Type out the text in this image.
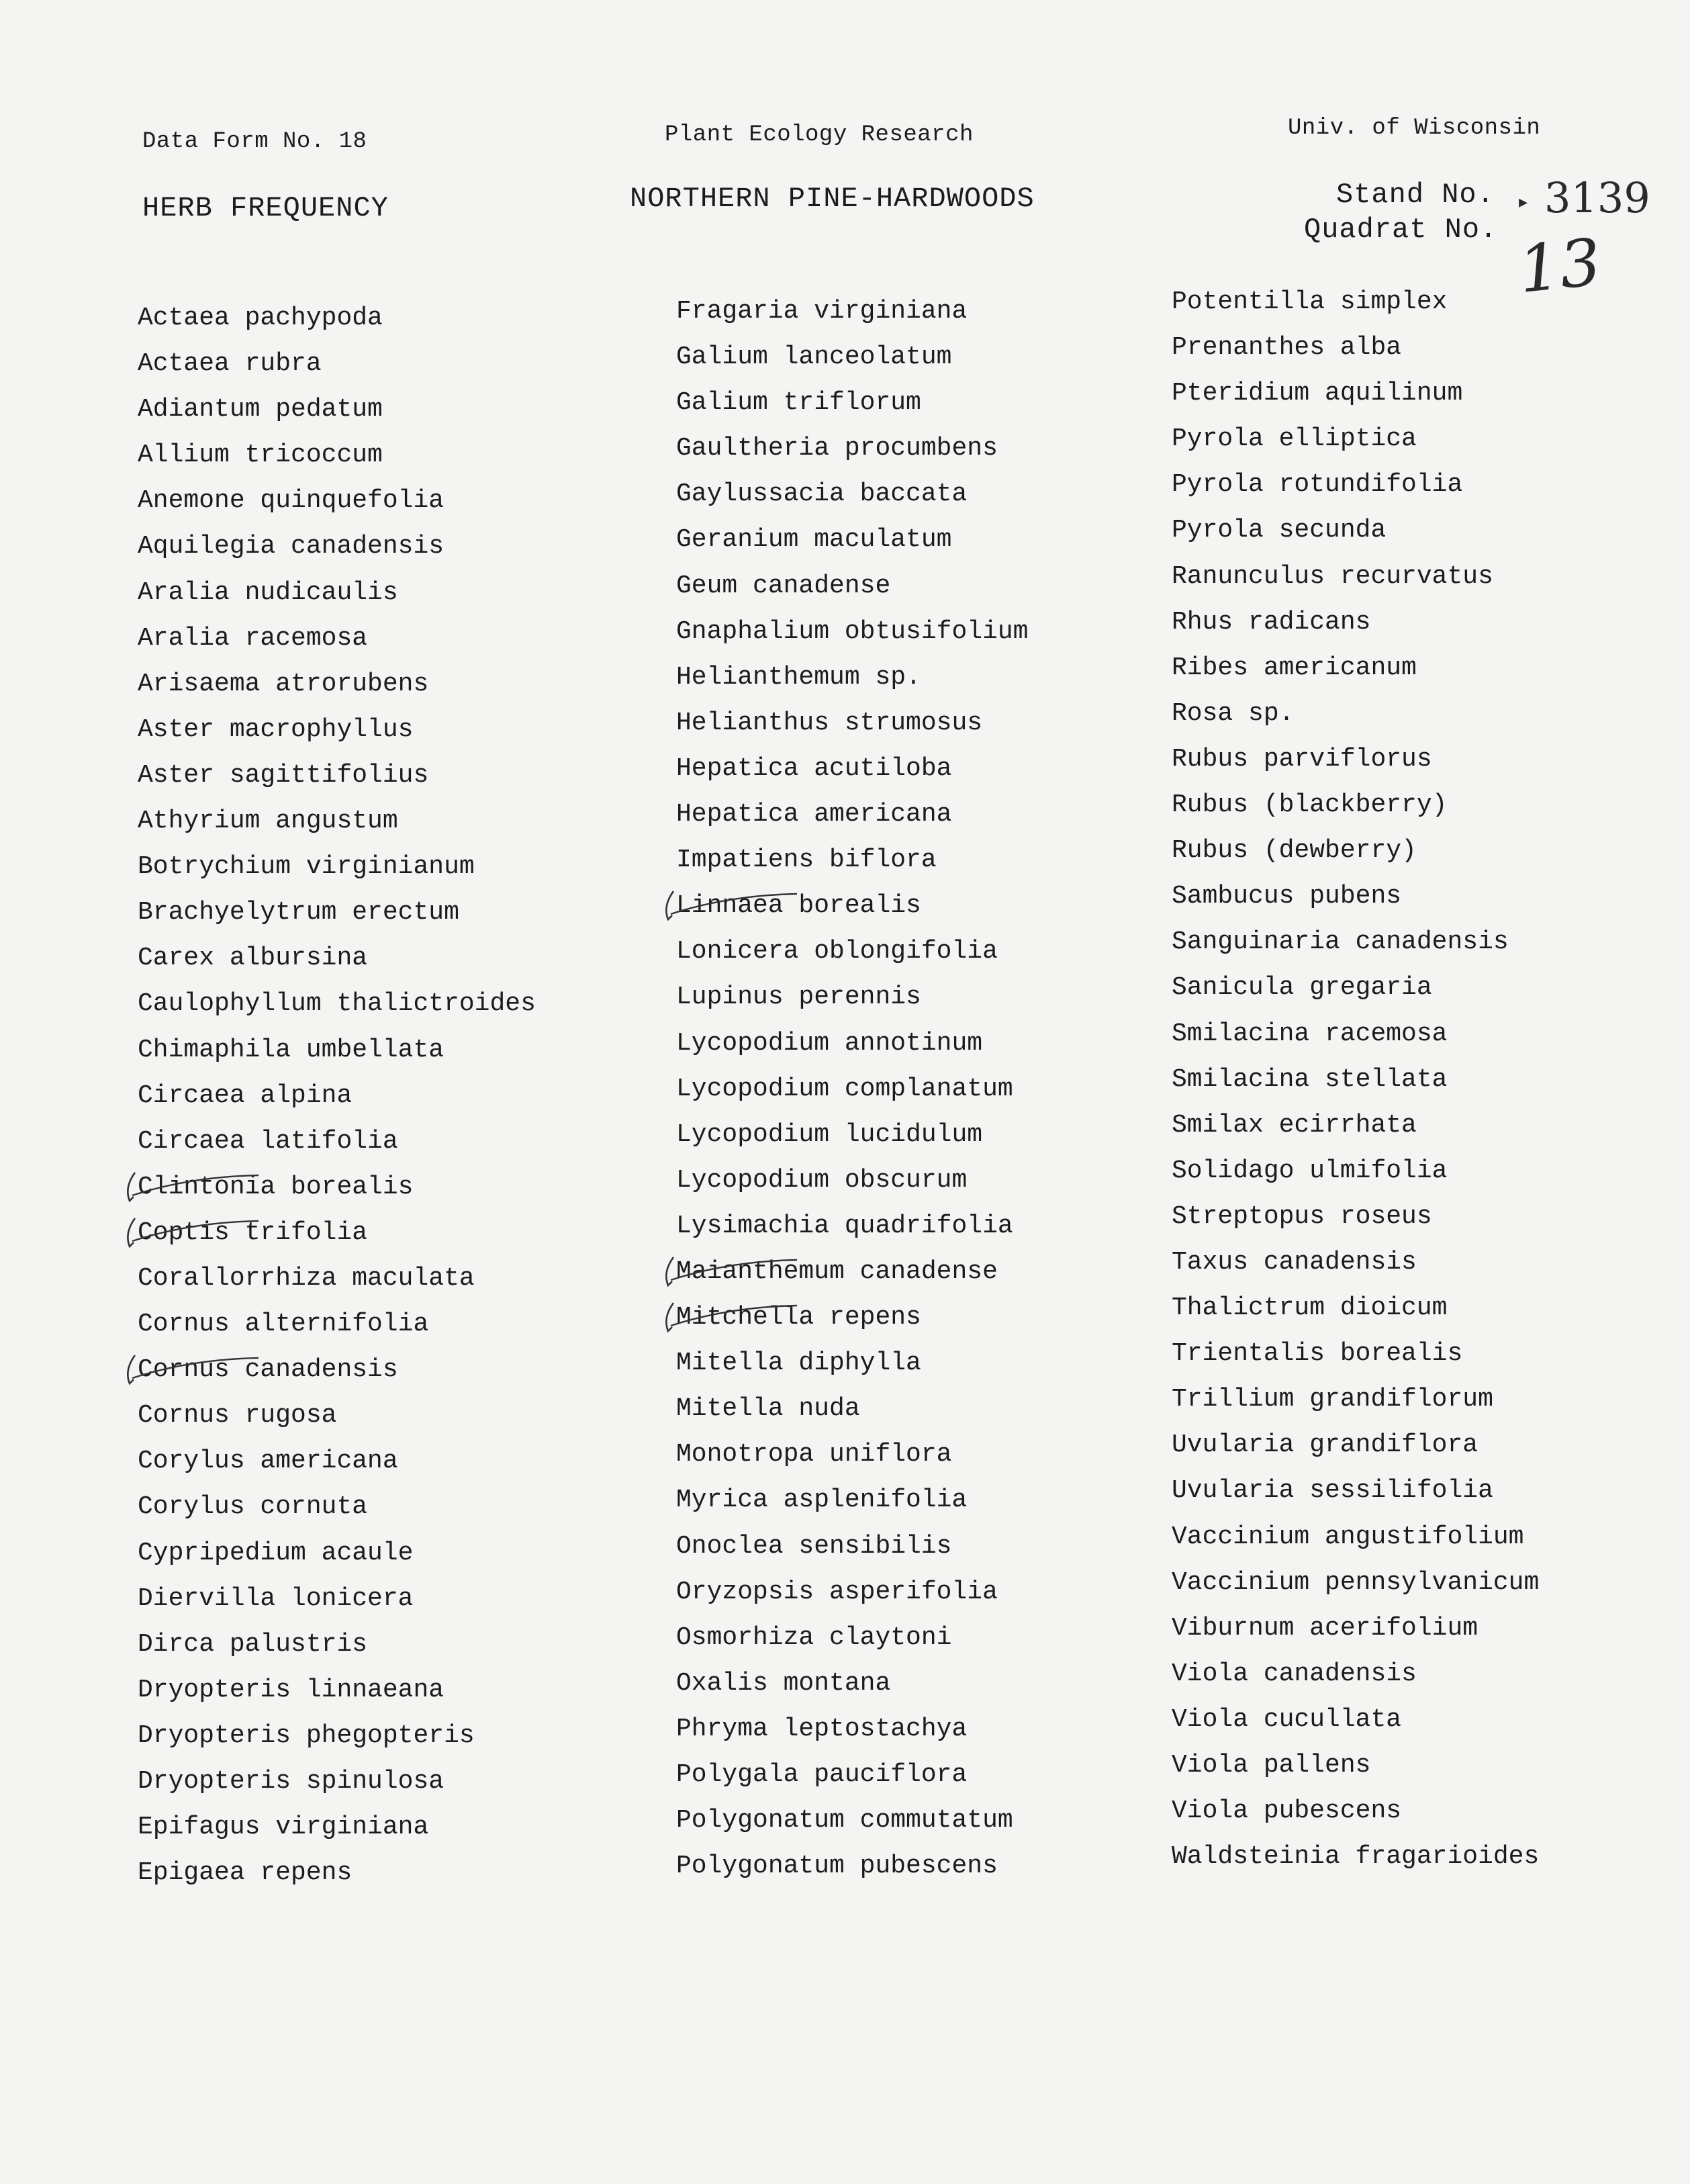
Data Form No. 18	Plant Ecology Research	Univ. of Wisconsin
HERB FREQUENCY	NORTHERN PINE-HARDWOODS	Stand No.
Quadrat No.
▸ 3139
13
Actaea pachypoda
Actaea rubra
Adiantum pedatum
Allium tricoccum
Anemone quinquefolia
Aquilegia canadensis
Aralia nudicaulis
Aralia racemosa
Arisaema atrorubens
Aster macrophyllus
Aster sagittifolius
Athyrium angustum
Botrychium virginianum
Brachyelytrum erectum
Carex albursina
Caulophyllum thalictroides
Chimaphila umbellata
Circaea alpina
Circaea latifolia
Clintonia borealis
Coptis trifolia
Corallorrhiza maculata
Cornus alternifolia
Cornus canadensis
Cornus rugosa
Corylus americana
Corylus cornuta
Cypripedium acaule
Diervilla lonicera
Dirca palustris
Dryopteris linnaeana
Dryopteris phegopteris
Dryopteris spinulosa
Epifagus virginiana
Epigaea repens
Fragaria virginiana
Galium lanceolatum
Galium triflorum
Gaultheria procumbens
Gaylussacia baccata
Geranium maculatum
Geum canadense
Gnaphalium obtusifolium
Helianthemum sp.
Helianthus strumosus
Hepatica acutiloba
Hepatica americana
Impatiens biflora
Linnaea borealis
Lonicera oblongifolia
Lupinus perennis
Lycopodium annotinum
Lycopodium complanatum
Lycopodium lucidulum
Lycopodium obscurum
Lysimachia quadrifolia
Maianthemum canadense
Mitchella repens
Mitella diphylla
Mitella nuda
Monotropa uniflora
Myrica asplenifolia
Onoclea sensibilis
Oryzopsis asperifolia
Osmorhiza claytoni
Oxalis montana
Phryma leptostachya
Polygala pauciflora
Polygonatum commutatum
Polygonatum pubescens
Potentilla simplex
Prenanthes alba
Pteridium aquilinum
Pyrola elliptica
Pyrola rotundifolia
Pyrola secunda
Ranunculus recurvatus
Rhus radicans
Ribes americanum
Rosa sp.
Rubus parviflorus
Rubus (blackberry)
Rubus (dewberry)
Sambucus pubens
Sanguinaria canadensis
Sanicula gregaria
Smilacina racemosa
Smilacina stellata
Smilax ecirrhata
Solidago ulmifolia
Streptopus roseus
Taxus canadensis
Thalictrum dioicum
Trientalis borealis
Trillium grandiflorum
Uvularia grandiflora
Uvularia sessilifolia
Vaccinium angustifolium
Vaccinium pennsylvanicum
Viburnum acerifolium
Viola canadensis
Viola cucullata
Viola pallens
Viola pubescens
Waldsteinia fragarioides
